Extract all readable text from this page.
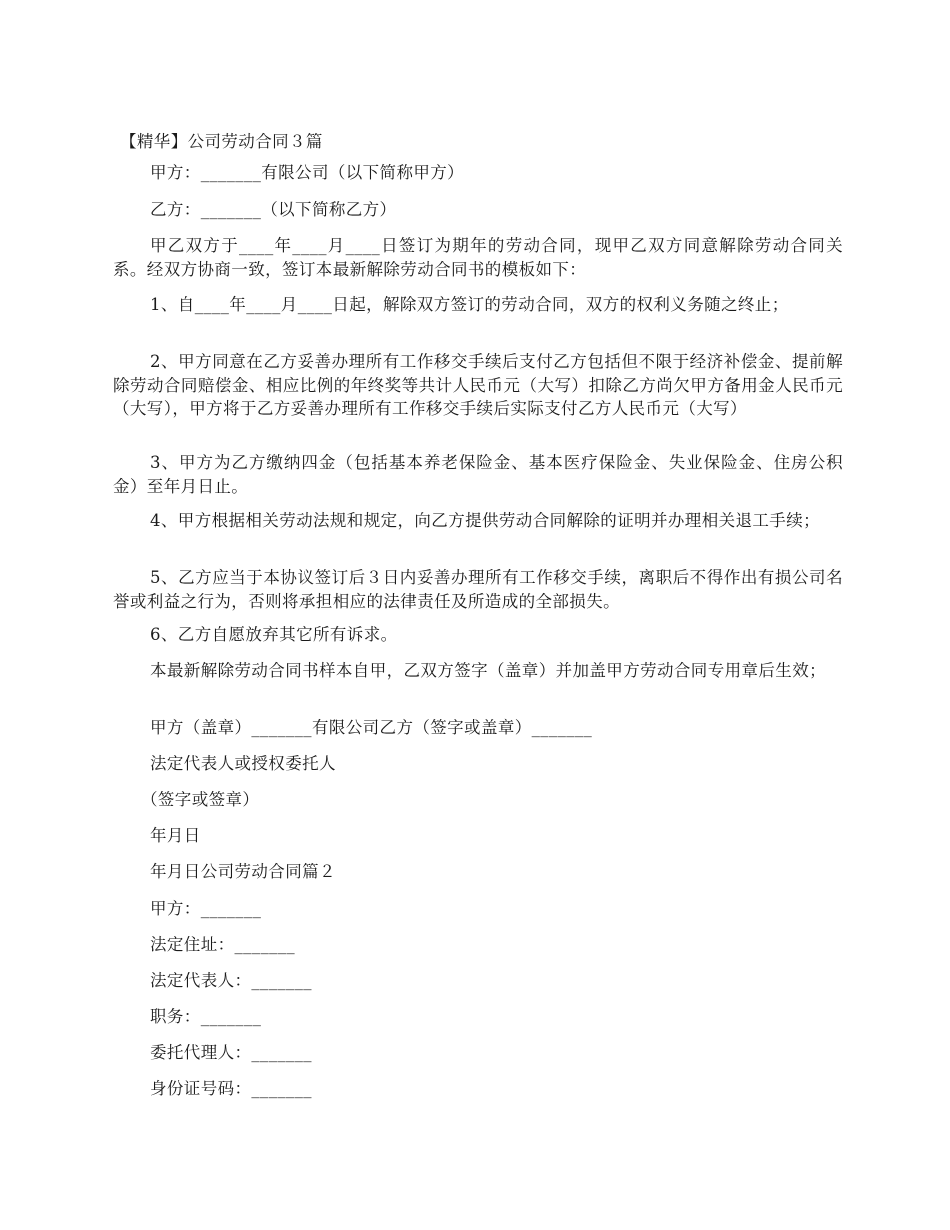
【精华】公司劳动合同３篇

甲方：_______有限公司（以下简称甲方）

乙方：_______（以下简称乙方）

甲乙双方于____年____月____日签订为期年的劳动合同，现甲乙双方同意解除劳动合同关系。经双方协商一致，签订本最新解除劳动合同书的模板如下：

1、自____年____月____日起，解除双方签订的劳动合同，双方的权利义务随之终止；

2、甲方同意在乙方妥善办理所有工作移交手续后支付乙方包括但不限于经济补偿金、提前解除劳动合同赔偿金、相应比例的年终奖等共计人民币元（大写）扣除乙方尚欠甲方备用金人民币元（大写），甲方将于乙方妥善办理所有工作移交手续后实际支付乙方人民币元（大写）

3、甲方为乙方缴纳四金（包括基本养老保险金、基本医疗保险金、失业保险金、住房公积金）至年月日止。

4、甲方根据相关劳动法规和规定，向乙方提供劳动合同解除的证明并办理相关退工手续；

5、乙方应当于本协议签订后３日内妥善办理所有工作移交手续，离职后不得作出有损公司名誉或利益之行为，否则将承担相应的法律责任及所造成的全部损失。

6、乙方自愿放弃其它所有诉求。

本最新解除劳动合同书样本自甲，乙双方签字（盖章）并加盖甲方劳动合同专用章后生效；

甲方（盖章）_______有限公司乙方（签字或盖章）_______

法定代表人或授权委托人

（签字或签章）

年月日

年月日公司劳动合同篇２

甲方：_______

法定住址：_______

法定代表人：_______

职务：_______

委托代理人：_______

身份证号码：_______
